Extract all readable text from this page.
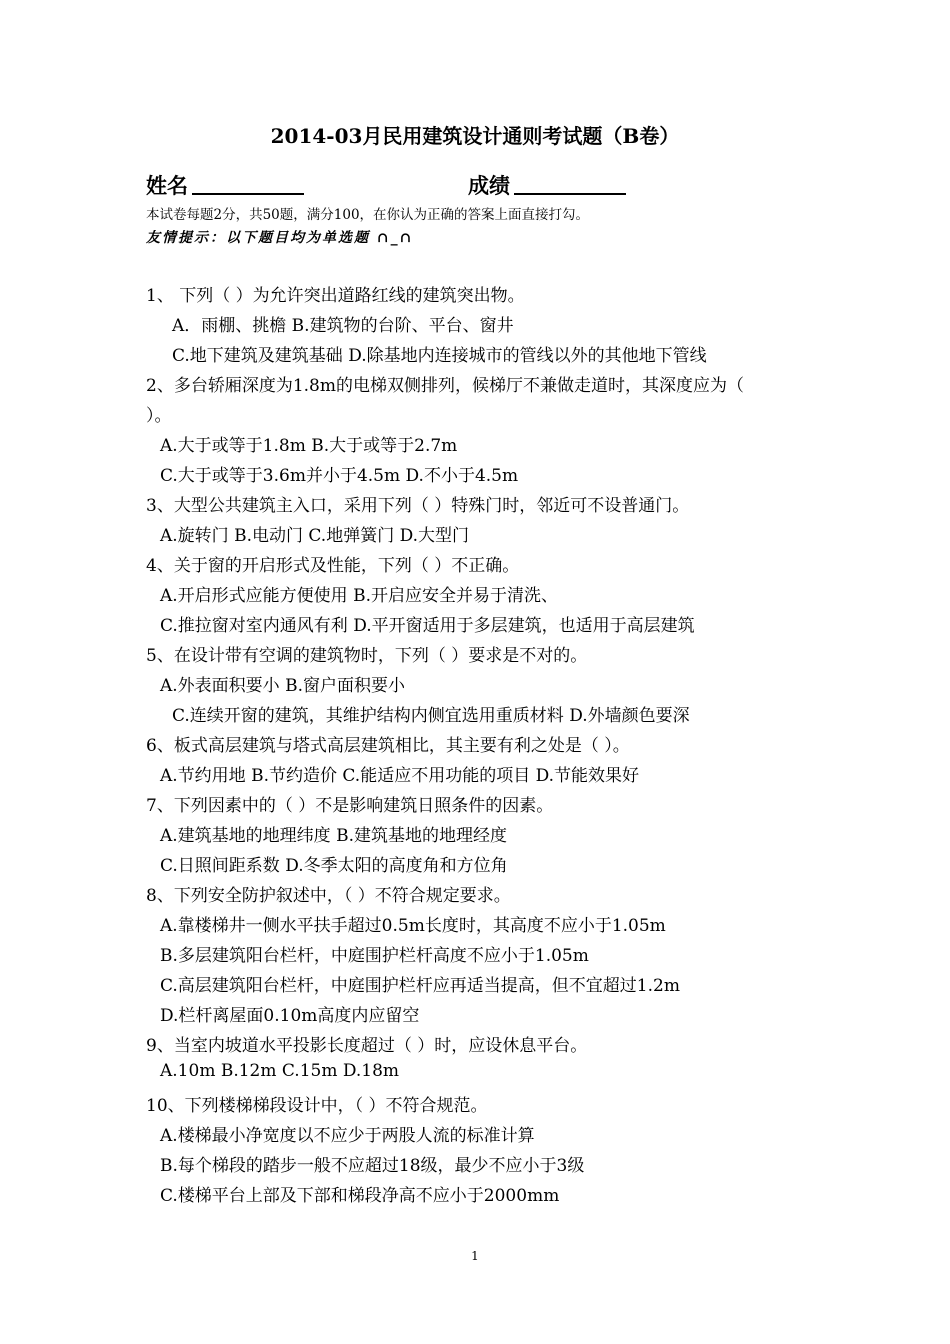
2014-03月民用建筑设计通则考试题（B卷）
姓名	成绩
本试卷每题2分，共50题，满分100，在你认为正确的答案上面直接打勾。
友情提示：以下题目均为单选题 ∩_∩
1、 下列（ ）为允许突出道路红线的建筑突出物。
A．雨棚、挑檐 B.建筑物的台阶、平台、窗井
C.地下建筑及建筑基础 D.除基地内连接城市的管线以外的其他地下管线
2、多台轿厢深度为1.8m的电梯双侧排列，候梯厅不兼做走道时，其深度应为（
）。
A.大于或等于1.8m B.大于或等于2.7m
C.大于或等于3.6m并小于4.5m D.不小于4.5m
3、大型公共建筑主入口，采用下列（ ）特殊门时，邻近可不设普通门。
A.旋转门 B.电动门 C.地弹簧门 D.大型门
4、关于窗的开启形式及性能，下列（ ）不正确。
A.开启形式应能方便使用 B.开启应安全并易于清洗、
C.推拉窗对室内通风有利 D.平开窗适用于多层建筑，也适用于高层建筑
5、在设计带有空调的建筑物时，下列（ ）要求是不对的。
A.外表面积要小 B.窗户面积要小
C.连续开窗的建筑，其维护结构内侧宜选用重质材料 D.外墙颜色要深
6、板式高层建筑与塔式高层建筑相比，其主要有利之处是（ ）。
A.节约用地 B.节约造价 C.能适应不用功能的项目 D.节能效果好
7、下列因素中的（ ）不是影响建筑日照条件的因素。
A.建筑基地的地理纬度 B.建筑基地的地理经度
C.日照间距系数 D.冬季太阳的高度角和方位角
8、下列安全防护叙述中，（ ）不符合规定要求。
A.靠楼梯井一侧水平扶手超过0.5m长度时，其高度不应小于1.05m
B.多层建筑阳台栏杆，中庭围护栏杆高度不应小于1.05m
C.高层建筑阳台栏杆，中庭围护栏杆应再适当提高，但不宜超过1.2m
D.栏杆离屋面0.10m高度内应留空
9、当室内坡道水平投影长度超过（ ）时，应设休息平台。
A.10m B.12m C.15m D.18m
10、下列楼梯梯段设计中，（ ）不符合规范。
A.楼梯最小净宽度以不应少于两股人流的标准计算
B.每个梯段的踏步一般不应超过18级，最少不应小于3级
C.楼梯平台上部及下部和梯段净高不应小于2000mm
1
